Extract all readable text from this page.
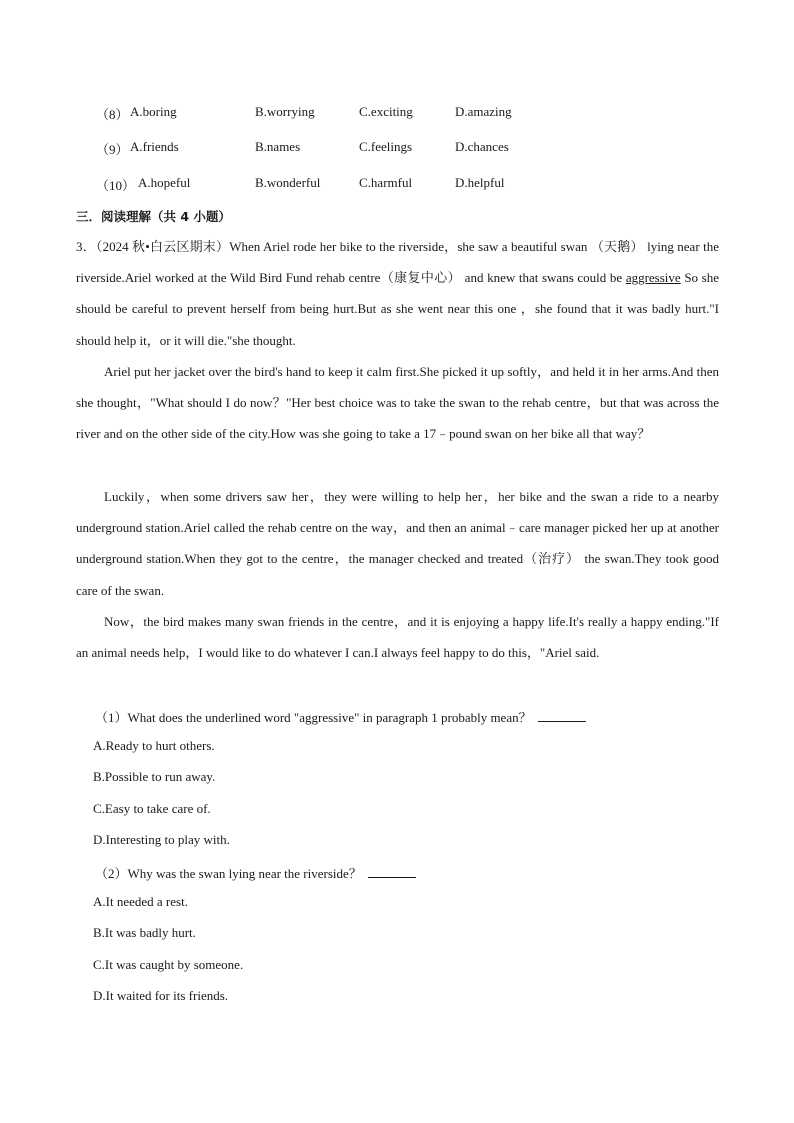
（8） A.boring	B.worrying	C.exciting	D.amazing
（9） A.friends	B.names	C.feelings	D.chances
（10） A.hopeful	B.wonderful	C.harmful	D.helpful
三．阅读理解（共 4 小题）
3．（2024 秋•白云区期末）When Ariel rode her bike to the riverside，she saw a beautiful swan （天鹅） lying near the riverside.Ariel worked at the Wild Bird Fund rehab centre（康复中心） and knew that swans could be aggressive So she should be careful to prevent herself from being hurt.But as she went near this one ，she found that it was badly hurt."I should help it，or it will die."she thought.
Ariel put her jacket over the bird's hand to keep it calm first.She picked it up softly，and held it in her arms.And then she thought，"What should I do now？"Her best choice was to take the swan to the rehab centre，but that was across the river and on the other side of the city.How was she going to take a 17﹣pound swan on her bike all that way？
Luckily，when some drivers saw her，they were willing to help her，her bike and the swan a ride to a nearby underground station.Ariel called the rehab centre on the way，and then an animal﹣care manager picked her up at another underground station.When they got to the centre，the manager checked and treated（治疗） the swan.They took good care of the swan.
Now，the bird makes many swan friends in the centre，and it is enjoying a happy life.It's really a happy ending."If an animal needs help，I would like to do whatever I can.I always feel happy to do this，"Ariel said.
（1）What does the underlined word "aggressive" in paragraph 1 probably mean？
A.Ready to hurt others.
B.Possible to run away.
C.Easy to take care of.
D.Interesting to play with.
（2）Why was the swan lying near the riverside？
A.It needed a rest.
B.It was badly hurt.
C.It was caught by someone.
D.It waited for its friends.
